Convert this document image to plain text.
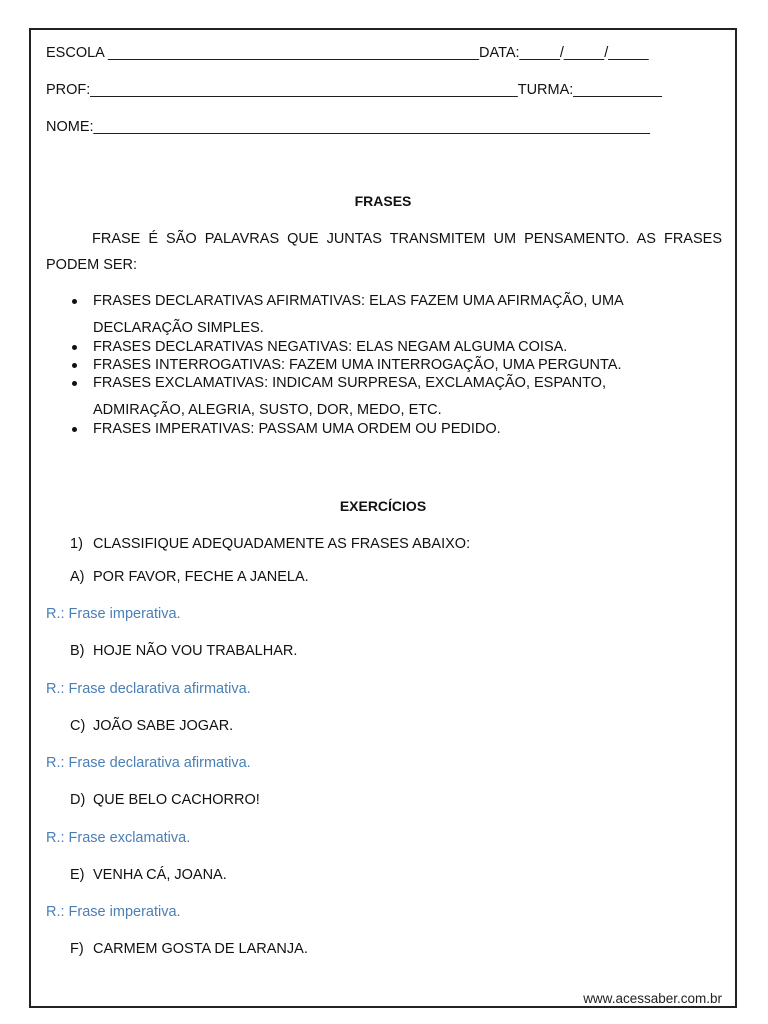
ESCOLA ______________________________________________DATA:_____/_____/_____
PROF:_____________________________________________________TURMA:___________
NOME:_____________________________________________________________________
FRASES
FRASE É SÃO PALAVRAS QUE JUNTAS TRANSMITEM UM PENSAMENTO. AS FRASES PODEM SER:
FRASES DECLARATIVAS AFIRMATIVAS: ELAS FAZEM UMA AFIRMAÇÃO, UMA DECLARAÇÃO SIMPLES.
FRASES DECLARATIVAS NEGATIVAS: ELAS NEGAM ALGUMA COISA.
FRASES INTERROGATIVAS: FAZEM UMA INTERROGAÇÃO, UMA PERGUNTA.
FRASES EXCLAMATIVAS: INDICAM SURPRESA, EXCLAMAÇÃO, ESPANTO, ADMIRAÇÃO, ALEGRIA, SUSTO, DOR, MEDO, ETC.
FRASES IMPERATIVAS: PASSAM UMA ORDEM OU PEDIDO.
EXERCÍCIOS
1) CLASSIFIQUE ADEQUADAMENTE AS FRASES ABAIXO:
A) POR FAVOR, FECHE A JANELA.
R.: Frase imperativa.
B) HOJE NÃO VOU TRABALHAR.
R.: Frase declarativa afirmativa.
C) JOÃO SABE JOGAR.
R.: Frase declarativa afirmativa.
D) QUE BELO CACHORRO!
R.: Frase exclamativa.
E) VENHA CÁ, JOANA.
R.: Frase imperativa.
F) CARMEM GOSTA DE LARANJA.
www.acessaber.com.br
